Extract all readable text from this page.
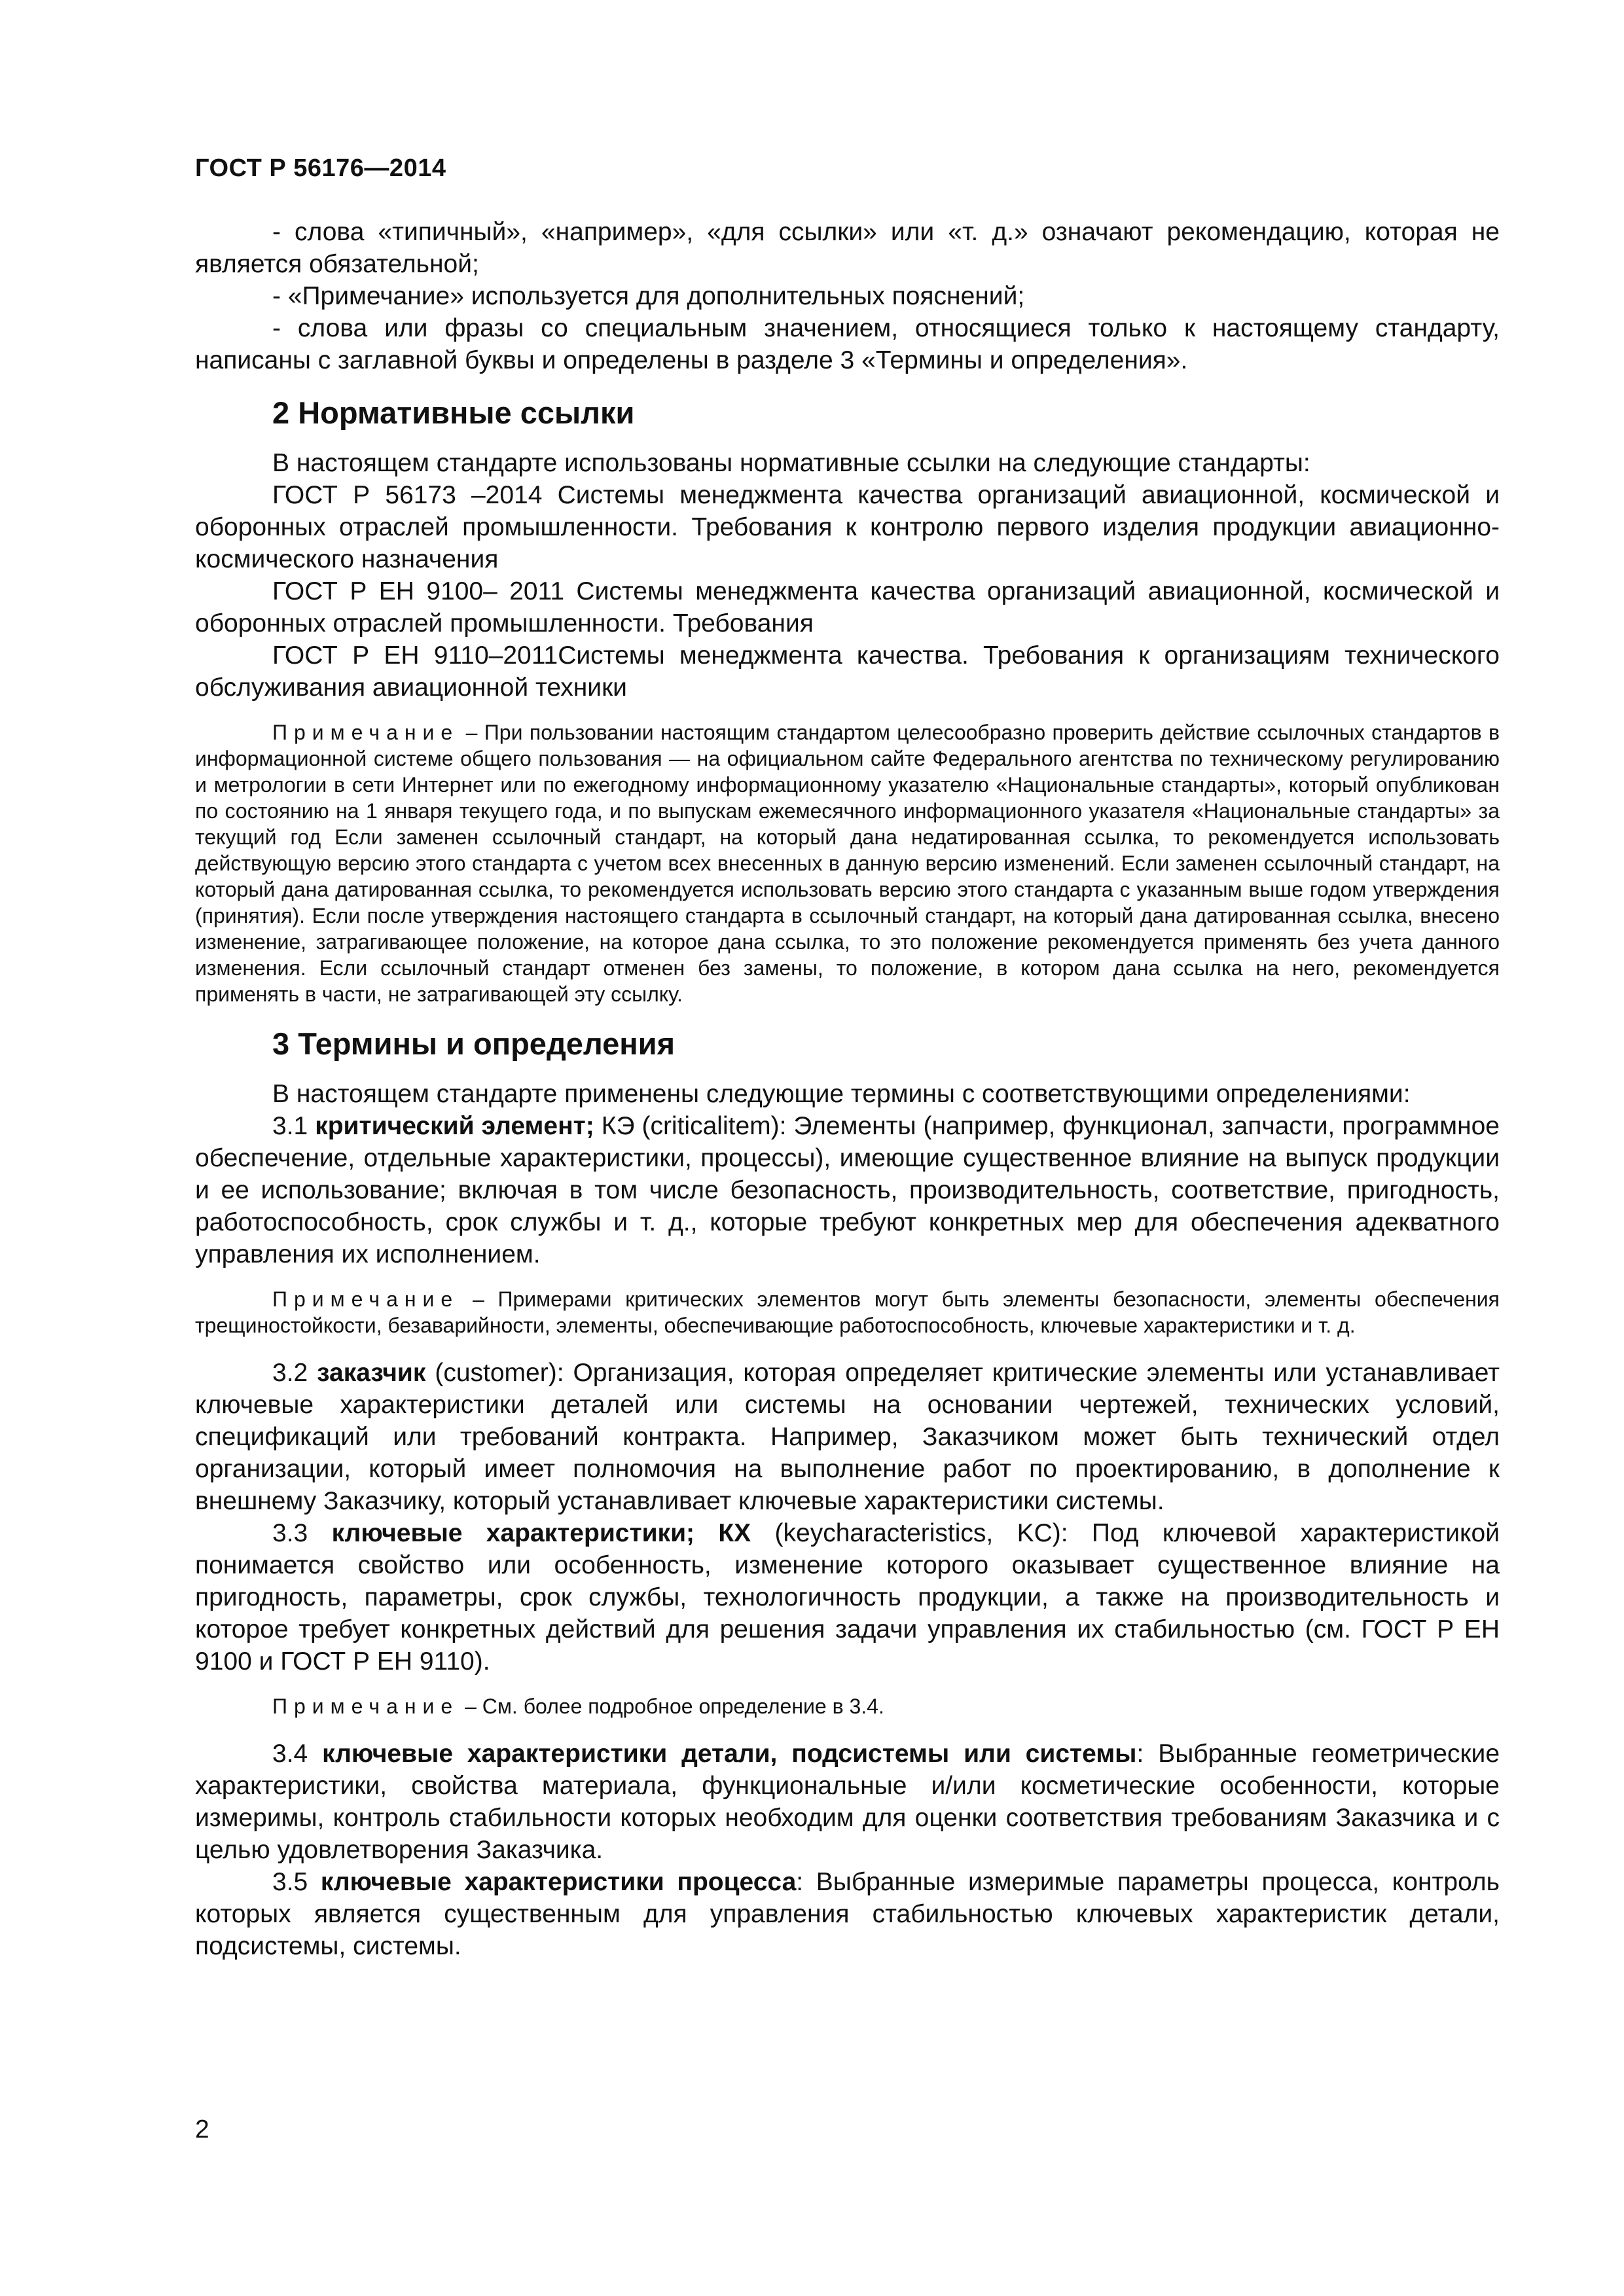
ГОСТ Р 56176—2014

- слова «типичный», «например», «для ссылки» или «т. д.» означают рекомендацию, которая не является обязательной;

- «Примечание» используется для дополнительных пояснений;

- слова или фразы со специальным значением, относящиеся только к настоящему стандарту, написаны с заглавной буквы и определены в разделе 3 «Термины и определения».

2 Нормативные ссылки

В настоящем стандарте использованы нормативные ссылки на следующие стандарты:

ГОСТ Р 56173 –2014 Системы менеджмента качества организаций авиационной, космической и оборонных отраслей промышленности. Требования к контролю первого изделия продукции авиационно-космического назначения

ГОСТ Р ЕН 9100– 2011 Системы менеджмента качества организаций авиационной, космической и оборонных отраслей промышленности. Требования

ГОСТ Р ЕН 9110–2011Системы менеджмента качества. Требования к организациям технического обслуживания авиационной техники

Примечание – При пользовании настоящим стандартом целесообразно проверить действие ссылочных стандартов в информационной системе общего пользования — на официальном сайте Федерального агентства по техническому регулированию и метрологии в сети Интернет или по ежегодному информационному указателю «Национальные стандарты», который опубликован по состоянию на 1 января текущего года, и по выпускам ежемесячного информационного указателя «Национальные стандарты» за текущий год Если заменен ссылочный стандарт, на который дана недатированная ссылка, то рекомендуется использовать действующую версию этого стандарта с учетом всех внесенных в данную версию изменений. Если заменен ссылочный стандарт, на который дана датированная ссылка, то рекомендуется использовать версию этого стандарта с указанным выше годом утверждения (принятия). Если после утверждения настоящего стандарта в ссылочный стандарт, на который дана датированная ссылка, внесено изменение, затрагивающее положение, на которое дана ссылка, то это положение рекомендуется применять без учета данного изменения. Если ссылочный стандарт отменен без замены, то положение, в котором дана ссылка на него, рекомендуется применять в части, не затрагивающей эту ссылку.

3 Термины и определения

В настоящем стандарте применены следующие термины с соответствующими определениями:

3.1 критический элемент; КЭ (criticalitem): Элементы (например, функционал, запчасти, программное обеспечение, отдельные характеристики, процессы), имеющие существенное влияние на выпуск продукции и ее использование; включая в том числе безопасность, производительность, соответствие, пригодность, работоспособность, срок службы и т. д., которые требуют конкретных мер для обеспечения адекватного управления их исполнением.

Примечание – Примерами критических элементов могут быть элементы безопасности, элементы обеспечения трещиностойкости, безаварийности, элементы, обеспечивающие работоспособность, ключевые характеристики и т. д.

3.2 заказчик (customer): Организация, которая определяет критические элементы или устанавливает ключевые характеристики деталей или системы на основании чертежей, технических условий, спецификаций или требований контракта. Например, Заказчиком может быть технический отдел организации, который имеет полномочия на выполнение работ по проектированию, в дополнение к внешнему Заказчику, который устанавливает ключевые характеристики системы.

3.3 ключевые характеристики; КХ (keycharacteristics, KC): Под ключевой характеристикой понимается свойство или особенность, изменение которого оказывает существенное влияние на пригодность, параметры, срок службы, технологичность продукции, а также на производительность и которое требует конкретных действий для решения задачи управления их стабильностью (см. ГОСТ Р ЕН 9100 и ГОСТ Р ЕН 9110).

Примечание – См. более подробное определение в 3.4.

3.4 ключевые характеристики детали, подсистемы или системы: Выбранные геометрические характеристики, свойства материала, функциональные и/или косметические особенности, которые измеримы, контроль стабильности которых необходим для оценки соответствия требованиям Заказчика и с целью удовлетворения Заказчика.

3.5 ключевые характеристики процесса: Выбранные измеримые параметры процесса, контроль которых является существенным для управления стабильностью ключевых характеристик детали, подсистемы, системы.

2
